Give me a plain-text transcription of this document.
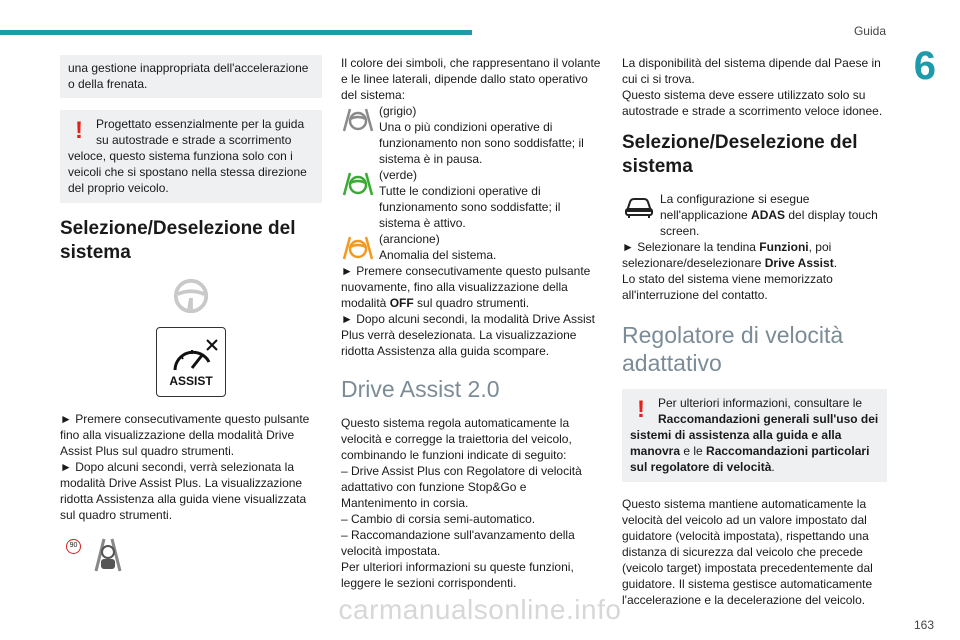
Guida
6
una gestione inappropriata dell'accelerazione o della frenata.
!	Progettato essenzialmente per la guida su autostrade e strade a scorrimento veloce, questo sistema funziona solo con i veicoli che si spostano nella stessa direzione del proprio veicolo.
Selezione/Deselezione del sistema
ASSIST

► Premere consecutivamente questo pulsante fino alla visualizzazione della modalità Drive Assist Plus sul quadro strumenti.

► Dopo alcuni secondi, verrà selezionata la modalità Drive Assist Plus. La visualizzazione ridotta Assistenza alla guida viene visualizzata sul quadro strumenti.

90

Il colore dei simboli, che rappresentano il volante e le linee laterali, dipende dallo stato operativo del sistema:

(grigio)
Una o più condizioni operative di funzionamento non sono soddisfatte; il sistema è in pausa.
(verde)
Tutte le condizioni operative di funzionamento sono soddisfatte; il sistema è attivo.
(arancione)
Anomalia del sistema.

► Premere consecutivamente questo pulsante nuovamente, fino alla visualizzazione della modalità OFF sul quadro strumenti.

► Dopo alcuni secondi, la modalità Drive Assist Plus verrà deselezionata. La visualizzazione ridotta Assistenza alla guida scompare.

Drive Assist 2.0

Questo sistema regola automaticamente la velocità e corregge la traiettoria del veicolo, combinando le funzioni indicate di seguito:

– Drive Assist Plus con Regolatore di velocità adattativo con funzione Stop&Go e Mantenimento in corsia.

– Cambio di corsia semi-automatico.

– Raccomandazione sull'avanzamento della velocità impostata.

Per ulteriori informazioni su queste funzioni, leggere le sezioni corrispondenti.

La disponibilità del sistema dipende dal Paese in cui ci si trova.

Questo sistema deve essere utilizzato solo su autostrade e strade a scorrimento veloce idonee.

Selezione/Deselezione del sistema
La configurazione si esegue nell'applicazione ADAS del display touch screen.

► Selezionare la tendina Funzioni, poi selezionare/deselezionare Drive Assist.

Lo stato del sistema viene memorizzato all'interruzione del contatto.

Regolatore di velocità adattativo
!	Per ulteriori informazioni, consultare le Raccomandazioni generali sull'uso dei sistemi di assistenza alla guida e alla manovra e le Raccomandazioni particolari sul regolatore di velocità.

Questo sistema mantiene automaticamente la velocità del veicolo ad un valore impostato dal guidatore (velocità impostata), rispettando una distanza di sicurezza dal veicolo che precede (veicolo target) impostata precedentemente dal guidatore. Il sistema gestisce automaticamente l'accelerazione e la decelerazione del veicolo.

carmanualsonline.info	163
